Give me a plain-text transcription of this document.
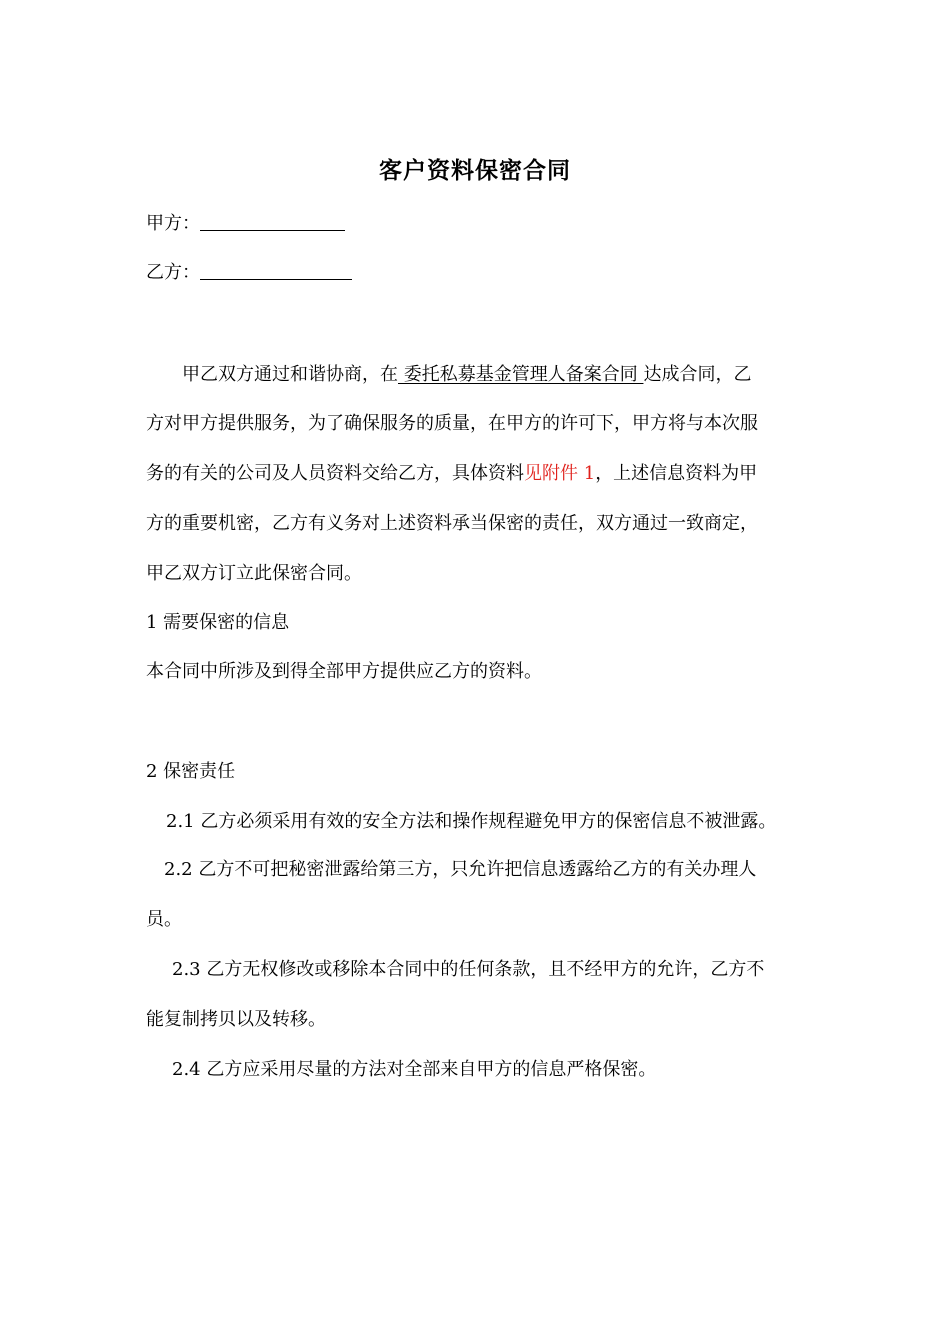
客户资料保密合同
甲方：
乙方：
甲乙双方通过和谐协商，在 委托私募基金管理人备案合同 达成合同，乙
方对甲方提供服务，为了确保服务的质量，在甲方的许可下，甲方将与本次服
务的有关的公司及人员资料交给乙方，具体资料见附件 1，上述信息资料为甲
方的重要机密，乙方有义务对上述资料承当保密的责任，双方通过一致商定，
甲乙双方订立此保密合同。
1 需要保密的信息
本合同中所涉及到得全部甲方提供应乙方的资料。
2 保密责任
2.1 乙方必须采用有效的安全方法和操作规程避免甲方的保密信息不被泄露。
2.2 乙方不可把秘密泄露给第三方，只允许把信息透露给乙方的有关办理人
员。
2.3 乙方无权修改或移除本合同中的任何条款，且不经甲方的允许，乙方不
能复制拷贝以及转移。
2.4 乙方应采用尽量的方法对全部来自甲方的信息严格保密。
